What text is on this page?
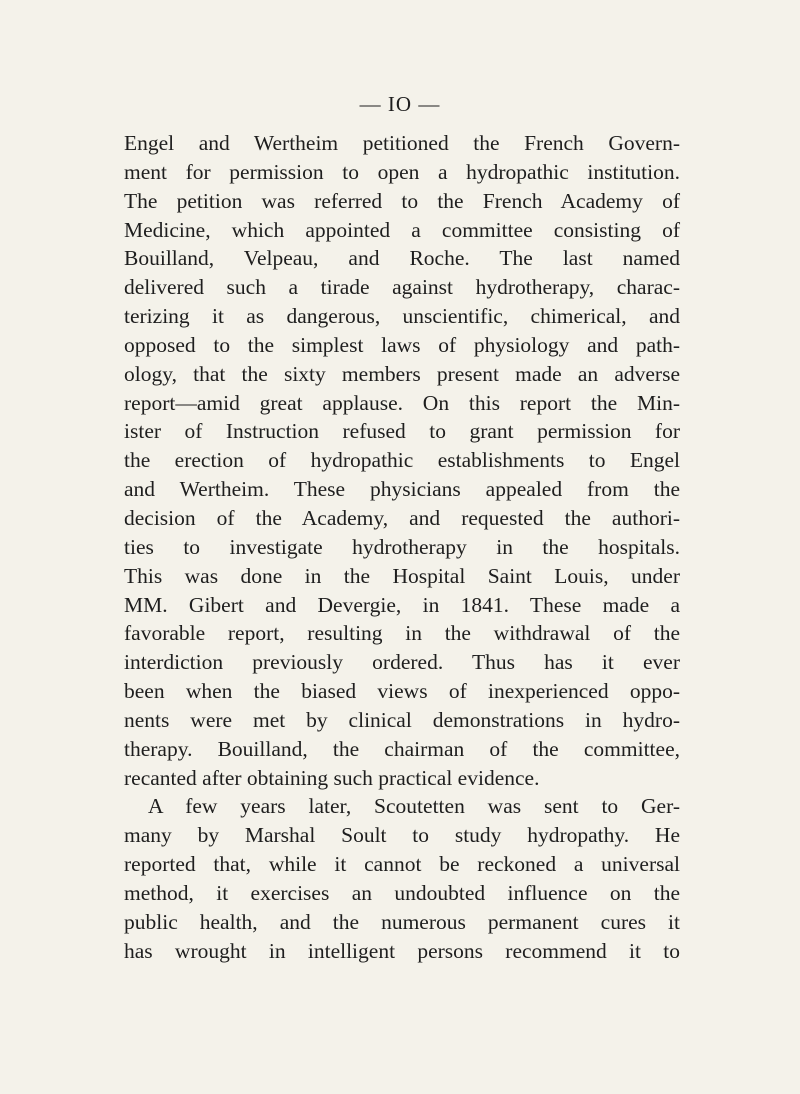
— IO —
Engel and Wertheim petitioned the French Govern-
ment for permission to open a hydropathic institution.
The petition was referred to the French Academy of
Medicine, which appointed a committee consisting of
Bouilland, Velpeau, and Roche. The last named
delivered such a tirade against hydrotherapy, charac-
terizing it as dangerous, unscientific, chimerical, and
opposed to the simplest laws of physiology and path-
ology, that the sixty members present made an adverse
report—amid great applause. On this report the Min-
ister of Instruction refused to grant permission for
the erection of hydropathic establishments to Engel
and Wertheim. These physicians appealed from the
decision of the Academy, and requested the authori-
ties to investigate hydrotherapy in the hospitals.
This was done in the Hospital Saint Louis, under
MM. Gibert and Devergie, in 1841. These made a
favorable report, resulting in the withdrawal of the
interdiction previously ordered. Thus has it ever
been when the biased views of inexperienced oppo-
nents were met by clinical demonstrations in hydro-
therapy. Bouilland, the chairman of the committee,
recanted after obtaining such practical evidence.
A few years later, Scoutetten was sent to Ger-
many by Marshal Soult to study hydropathy. He
reported that, while it cannot be reckoned a universal
method, it exercises an undoubted influence on the
public health, and the numerous permanent cures it
has wrought in intelligent persons recommend it to
